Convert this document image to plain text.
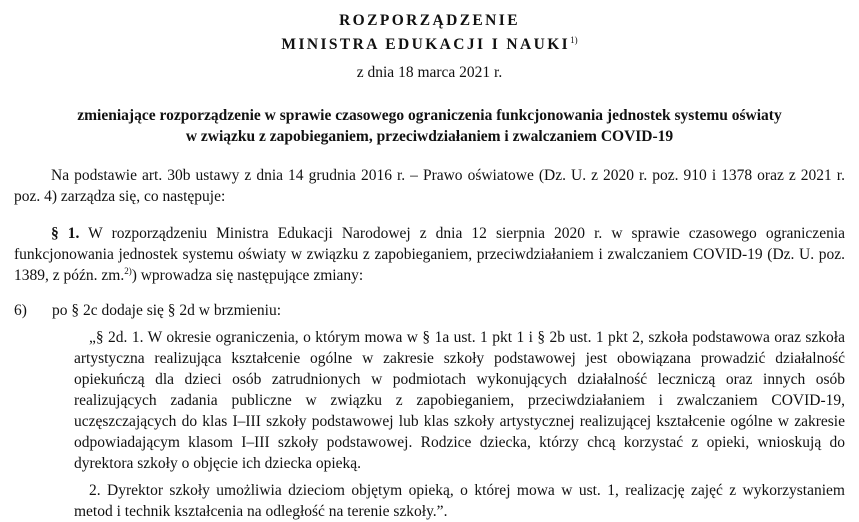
ROZPORZĄDZENIE
MINISTRA EDUKACJI I NAUKI$^{1)}$
z dnia 18 marca 2021 r.
zmieniające rozporządzenie w sprawie czasowego ograniczenia funkcjonowania jednostek systemu oświaty
w związku z zapobieganiem, przeciwdziałaniem i zwalczaniem COVID-19
Na podstawie art. 30b ustawy z dnia 14 grudnia 2016 r. – Prawo oświatowe (Dz. U. z 2020 r. poz. 910 i 1378 oraz z 2021 r. poz. 4) zarządza się, co następuje:
§ 1. W rozporządzeniu Ministra Edukacji Narodowej z dnia 12 sierpnia 2020 r. w sprawie czasowego ograniczenia funkcjonowania jednostek systemu oświaty w związku z zapobieganiem, przeciwdziałaniem i zwalczaniem COVID-19 (Dz. U. poz. 1389, z późn. zm.$^{2)}$) wprowadza się następujące zmiany:
6)	po § 2c dodaje się § 2d w brzmieniu:
„§ 2d. 1. W okresie ograniczenia, o którym mowa w § 1a ust. 1 pkt 1 i § 2b ust. 1 pkt 2, szkoła podstawowa oraz szkoła artystyczna realizująca kształcenie ogólne w zakresie szkoły podstawowej jest obowiązana prowadzić działalność opiekuńczą dla dzieci osób zatrudnionych w podmiotach wykonujących działalność leczniczą oraz innych osób realizujących zadania publiczne w związku z zapobieganiem, przeciwdziałaniem i zwalczaniem COVID-19, uczęszczających do klas I–III szkoły podstawowej lub klas szkoły artystycznej realizującej kształcenie ogólne w zakresie odpowiadającym klasom I–III szkoły podstawowej. Rodzice dziecka, którzy chcą korzystać z opieki, wnioskują do dyrektora szkoły o objęcie ich dziecka opieką.
2. Dyrektor szkoły umożliwia dzieciom objętym opieką, o której mowa w ust. 1, realizację zajęć z wykorzystaniem metod i technik kształcenia na odległość na terenie szkoły.”.
